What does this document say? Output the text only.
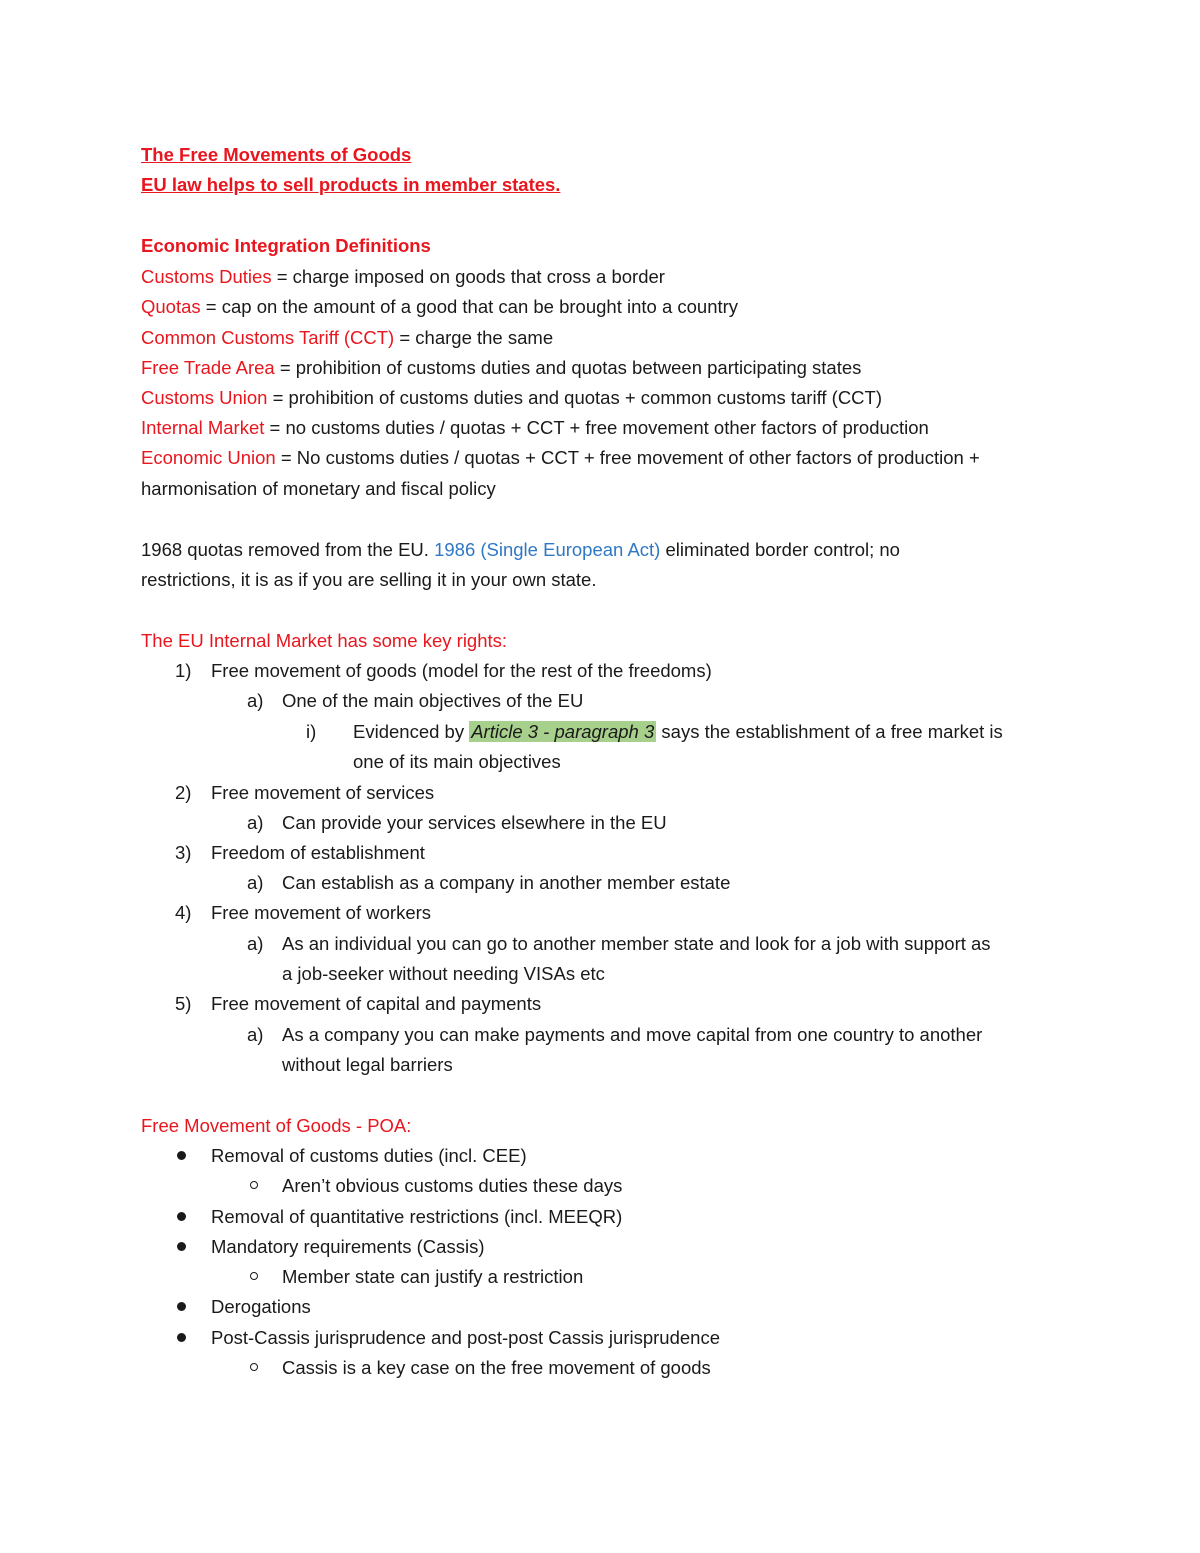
The Free Movements of Goods
EU law helps to sell products in member states.
Economic Integration Definitions
Customs Duties = charge imposed on goods that cross a border
Quotas = cap on the amount of a good that can be brought into a country
Common Customs Tariff (CCT) = charge the same
Free Trade Area = prohibition of customs duties and quotas between participating states
Customs Union = prohibition of customs duties and quotas + common customs tariff (CCT)
Internal Market = no customs duties / quotas + CCT + free movement other factors of production
Economic Union = No customs duties / quotas + CCT + free movement of other factors of production +
harmonisation of monetary and fiscal policy
1968 quotas removed from the EU. 1986 (Single European Act) eliminated border control; no
restrictions, it is as if you are selling it in your own state.
The EU Internal Market has some key rights:
1) Free movement of goods (model for the rest of the freedoms)
a) One of the main objectives of the EU
i) Evidenced by Article 3 - paragraph 3 says the establishment of a free market is
one of its main objectives
2) Free movement of services
a) Can provide your services elsewhere in the EU
3) Freedom of establishment
a) Can establish as a company in another member estate
4) Free movement of workers
a) As an individual you can go to another member state and look for a job with support as
a job-seeker without needing VISAs etc
5) Free movement of capital and payments
a) As a company you can make payments and move capital from one country to another
without legal barriers
Free Movement of Goods - POA:
Removal of customs duties (incl. CEE)
Aren’t obvious customs duties these days
Removal of quantitative restrictions (incl. MEEQR)
Mandatory requirements (Cassis)
Member state can justify a restriction
Derogations
Post-Cassis jurisprudence and post-post Cassis jurisprudence
Cassis is a key case on the free movement of goods
